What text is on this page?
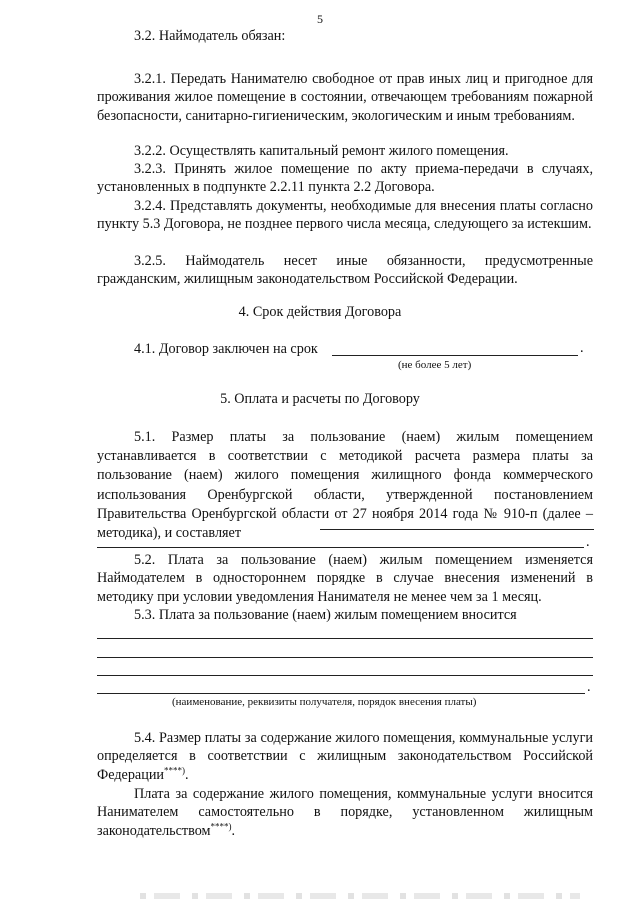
5
3.2. Наймодатель обязан:
3.2.1. Передать Нанимателю свободное от прав иных лиц и пригодное для проживания жилое помещение в состоянии, отвечающем требованиям пожарной безопасности, санитарно-гигиеническим, экологическим и иным требованиям.
3.2.2. Осуществлять капитальный ремонт жилого помещения.
3.2.3. Принять жилое помещение по акту приема-передачи в случаях, установленных в подпункте 2.2.11 пункта 2.2 Договора.
3.2.4. Представлять документы, необходимые для внесения платы согласно пункту 5.3 Договора, не позднее первого числа месяца, следующего за истекшим.
3.2.5. Наймодатель несет иные обязанности, предусмотренные гражданским, жилищным законодательством Российской Федерации.
4. Срок действия Договора
4.1. Договор заключен на срок	.
(не более 5 лет)
5. Оплата и расчеты по Договору
5.1. Размер платы за пользование (наем) жилым помещением устанавливается в соответствии с методикой расчета размера платы за пользование (наем) жилого помещения жилищного фонда коммерческого использования Оренбургской области, утвержденной постановлением Правительства Оренбургской области от 27 ноября 2014 года № 910-п (далее – методика), и составляет
.
5.2. Плата за пользование (наем) жилым помещением изменяется Наймодателем в одностороннем порядке в случае внесения изменений в методику при условии уведомления Нанимателя не менее чем за 1 месяц.
5.3. Плата за пользование (наем) жилым помещением вносится
.
(наименование, реквизиты получателя, порядок внесения платы)
5.4. Размер платы за содержание жилого помещения, коммунальные услуги определяется в соответствии с жилищным законодательством Российской Федерации****).
Плата за содержание жилого помещения, коммунальные услуги вносится Нанимателем самостоятельно в порядке, установленном жилищным законодательством****).
